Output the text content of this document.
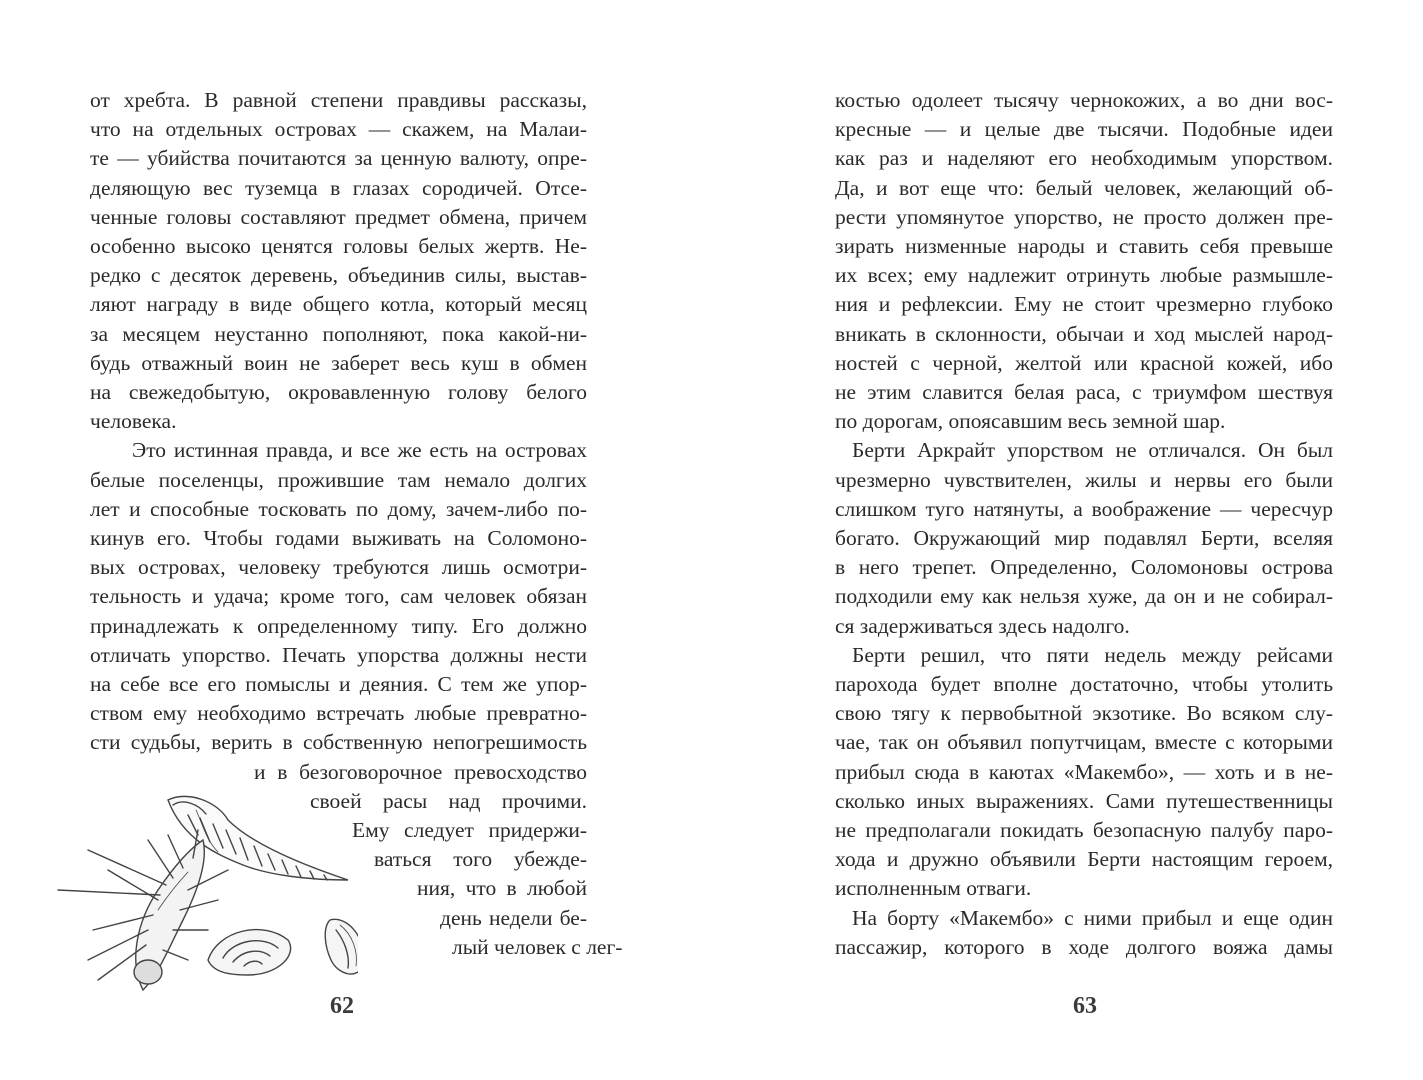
от хребта. В равной степени правдивы рассказы,
что на отдельных островах — скажем, на Малаи-
те — убийства почитаются за ценную валюту, опре-
деляющую вес туземца в глазах сородичей. Отсе-
ченные головы составляют предмет обмена, причем
особенно высоко ценятся головы белых жертв. Не-
редко с десяток деревень, объединив силы, выстав-
ляют награду в виде общего котла, который месяц
за месяцем неустанно пополняют, пока какой-ни-
будь отважный воин не заберет весь куш в обмен
на свежедобытую, окровавленную голову белого
человека.
Это истинная правда, и все же есть на островах
белые поселенцы, прожившие там немало долгих
лет и способные тосковать по дому, зачем-либо по-
кинув его. Чтобы годами выживать на Соломоно-
вых островах, человеку требуются лишь осмотри-
тельность и удача; кроме того, сам человек обязан
принадлежать к определенному типу. Его должно
отличать упорство. Печать упорства должны нести
на себе все его помыслы и деяния. С тем же упор-
ством ему необходимо встречать любые превратно-
сти судьбы, верить в собственную непогрешимость
и в безоговорочное превосходство
своей расы над прочими.
Ему следует придержи-
ваться того убежде-
ния, что в любой
день недели бе-
лый человек с лег-
62
костью одолеет тысячу чернокожих, а во дни вос-
кресные — и целые две тысячи. Подобные идеи
как раз и наделяют его необходимым упорством.
Да, и вот еще что: белый человек, желающий об-
рести упомянутое упорство, не просто должен пре-
зирать низменные народы и ставить себя превыше
их всех; ему надлежит отринуть любые размышле-
ния и рефлексии. Ему не стоит чрезмерно глубоко
вникать в склонности, обычаи и ход мыслей народ-
ностей с черной, желтой или красной кожей, ибо
не этим славится белая раса, с триумфом шествуя
по дорогам, опоясавшим весь земной шар.
Берти Аркрайт упорством не отличался. Он был
чрезмерно чувствителен, жилы и нервы его были
слишком туго натянуты, а воображение — чересчур
богато. Окружающий мир подавлял Берти, вселяя
в него трепет. Определенно, Соломоновы острова
подходили ему как нельзя хуже, да он и не собирал-
ся задерживаться здесь надолго.
Берти решил, что пяти недель между рейсами
парохода будет вполне достаточно, чтобы утолить
свою тягу к первобытной экзотике. Во всяком слу-
чае, так он объявил попутчицам, вместе с которыми
прибыл сюда в каютах «Макембо», — хоть и в не-
сколько иных выражениях. Сами путешественницы
не предполагали покидать безопасную палубу паро-
хода и дружно объявили Берти настоящим героем,
исполненным отваги.
На борту «Макембо» с ними прибыл и еще один
пассажир, которого в ходе долгого вояжа дамы
63
